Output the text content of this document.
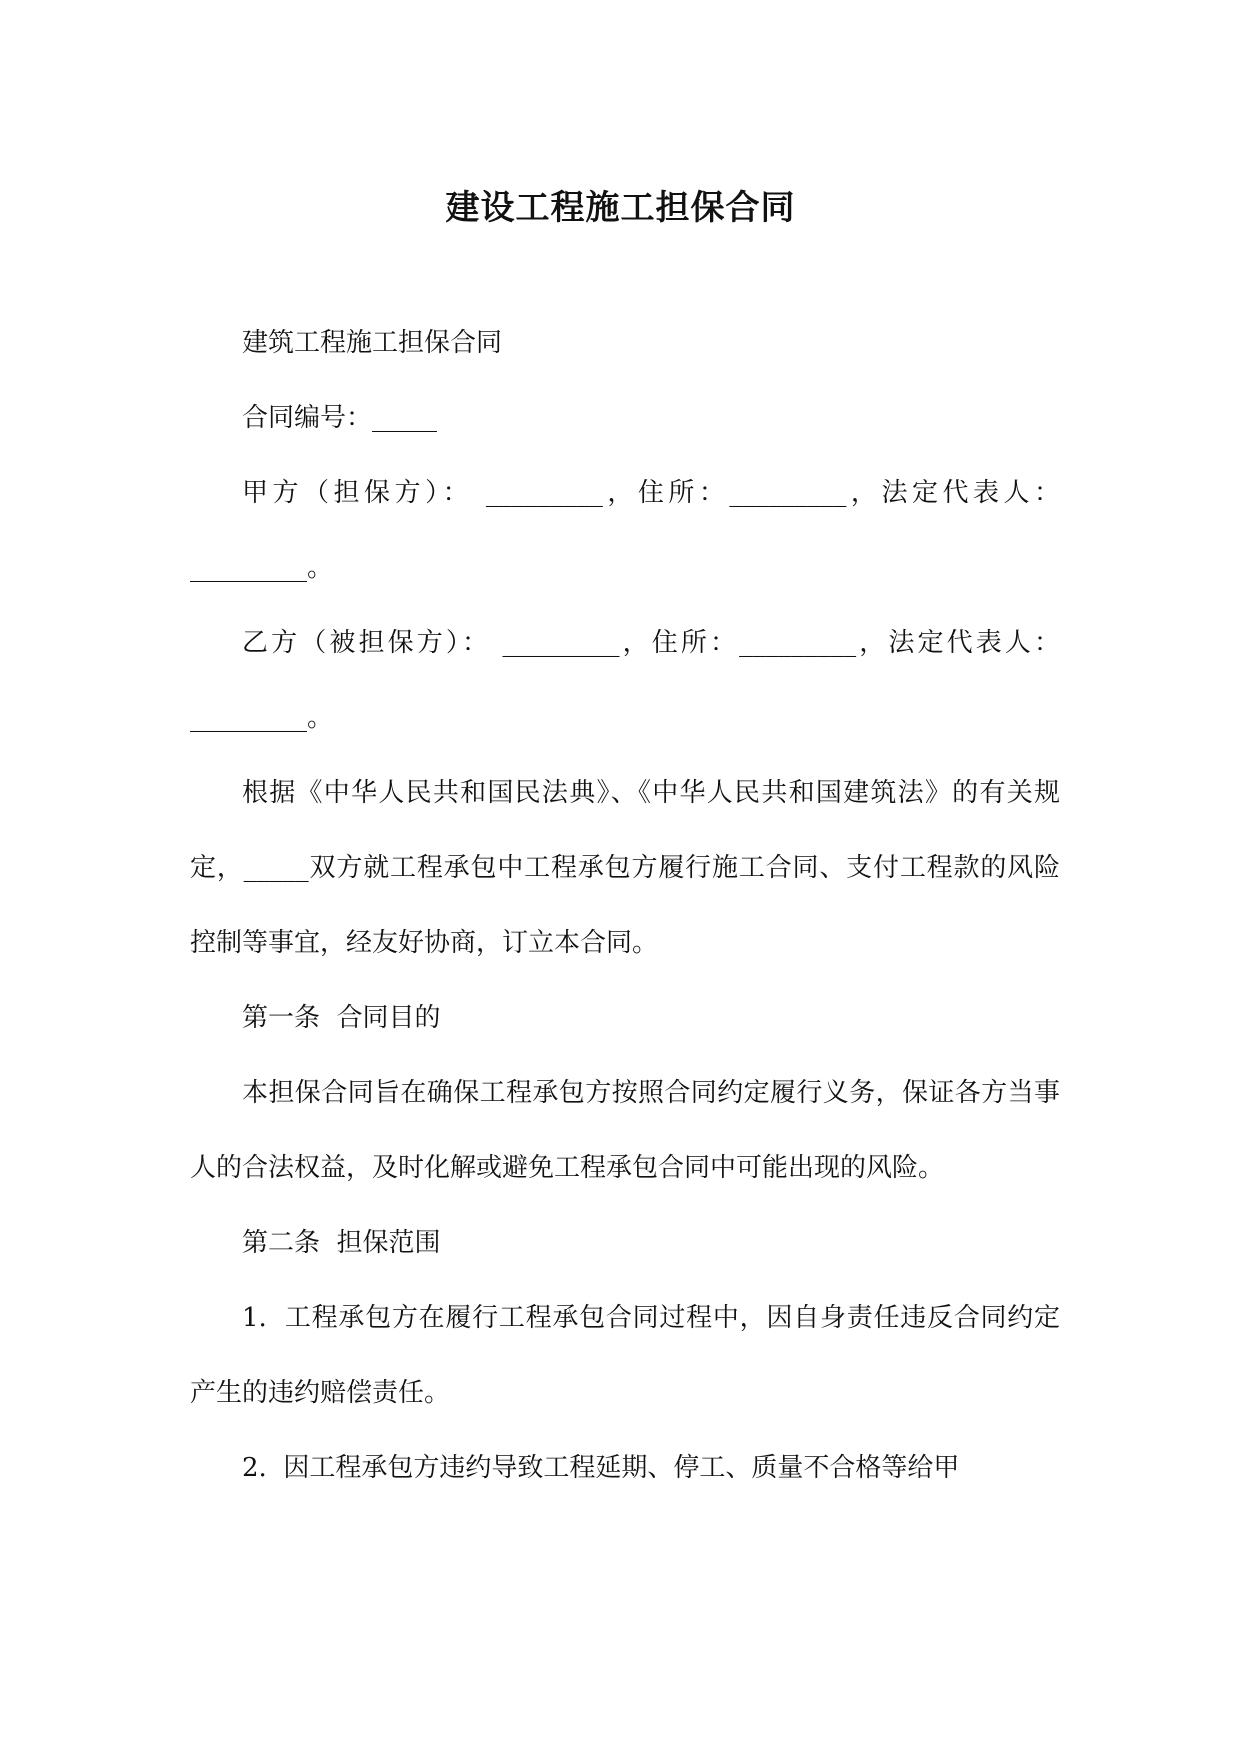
建设工程施工担保合同

建筑工程施工担保合同

合同编号：_____

甲方（担保方）： _________，住所：_________，法定代表人：_________。

乙方（被担保方）： _________，住所：_________，法定代表人：_________。

根据《中华人民共和国民法典》、《中华人民共和国建筑法》的有关规定，_____双方就工程承包中工程承包方履行施工合同、支付工程款的风险控制等事宜，经友好协商，订立本合同。

第一条  合同目的

本担保合同旨在确保工程承包方按照合同约定履行义务，保证各方当事人的合法权益，及时化解或避免工程承包合同中可能出现的风险。

第二条  担保范围

1.  工程承包方在履行工程承包合同过程中，因自身责任违反合同约定产生的违约赔偿责任。

2.  因工程承包方违约导致工程延期、停工、质量不合格等给甲
